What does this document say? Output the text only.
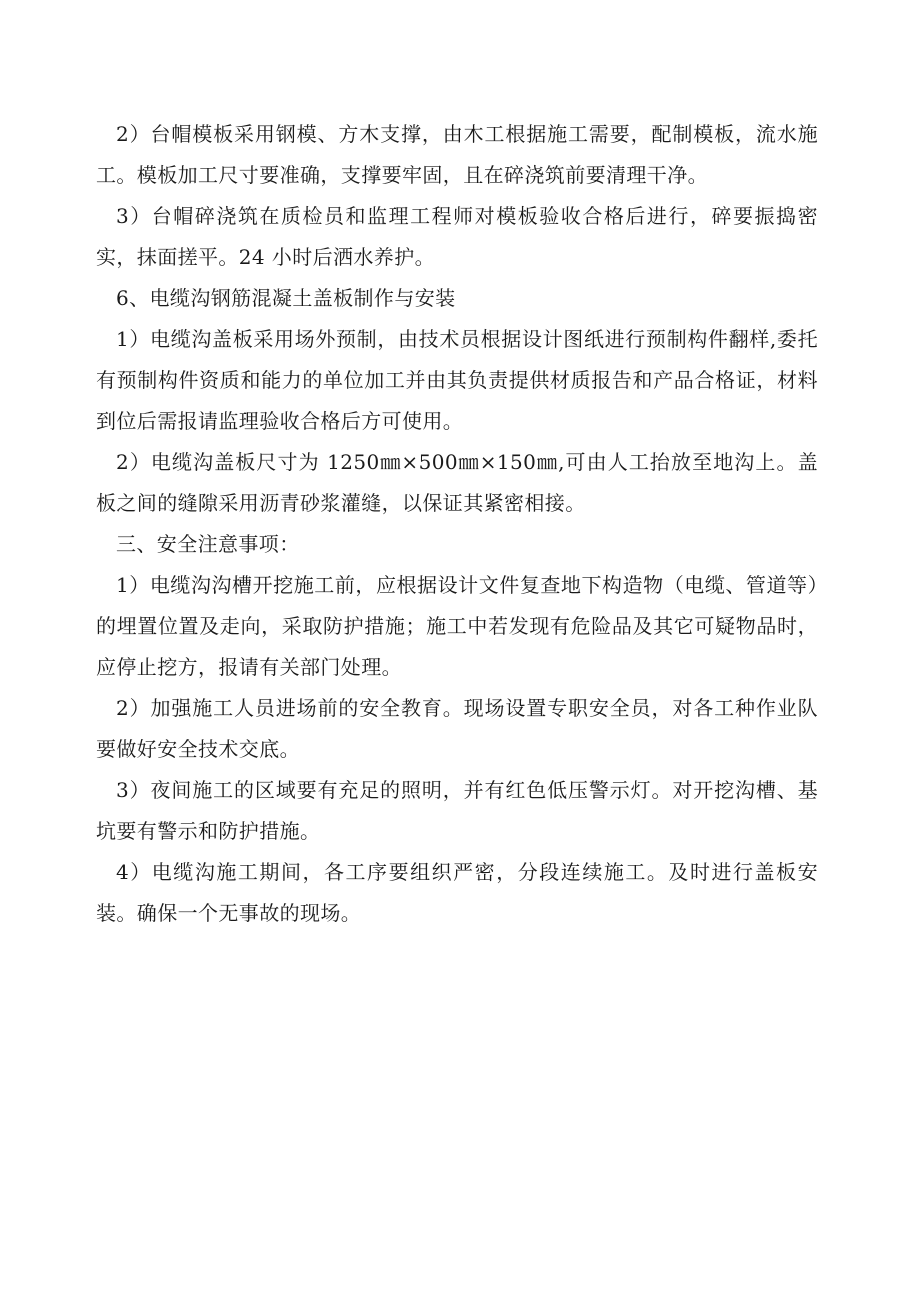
2）台帽模板采用钢模、方木支撑，由木工根据施工需要，配制模板，流水施工。模板加工尺寸要准确，支撑要牢固，且在碎浇筑前要清理干净。

3）台帽碎浇筑在质检员和监理工程师对模板验收合格后进行，碎要振捣密实，抹面搓平。24 小时后洒水养护。

6、电缆沟钢筋混凝土盖板制作与安装

1）电缆沟盖板采用场外预制，由技术员根据设计图纸进行预制构件翻样,委托有预制构件资质和能力的单位加工并由其负责提供材质报告和产品合格证，材料到位后需报请监理验收合格后方可使用。

2）电缆沟盖板尺寸为 1250㎜×500㎜×150㎜,可由人工抬放至地沟上。盖板之间的缝隙采用沥青砂浆灌缝，以保证其紧密相接。

三、安全注意事项：

1）电缆沟沟槽开挖施工前，应根据设计文件复查地下构造物（电缆、管道等）的埋置位置及走向，采取防护措施；施工中若发现有危险品及其它可疑物品时，应停止挖方，报请有关部门处理。

2）加强施工人员进场前的安全教育。现场设置专职安全员，对各工种作业队要做好安全技术交底。

3）夜间施工的区域要有充足的照明，并有红色低压警示灯。对开挖沟槽、基坑要有警示和防护措施。

4）电缆沟施工期间，各工序要组织严密，分段连续施工。及时进行盖板安装。确保一个无事故的现场。
